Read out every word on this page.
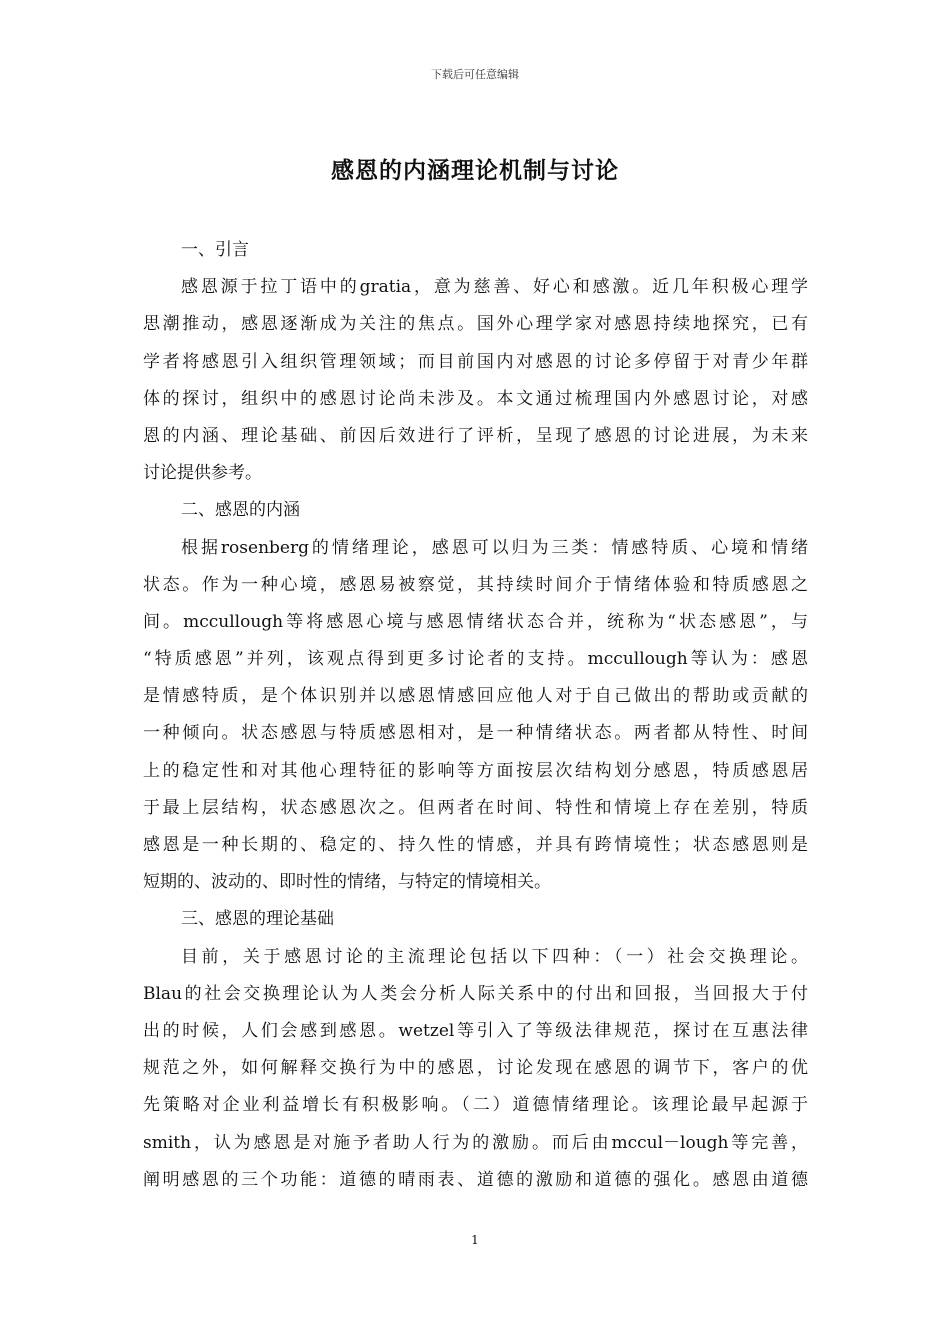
下载后可任意编辑
感恩的内涵理论机制与讨论
一、引言
感恩源于拉丁语中的gratia，意为慈善、好心和感激。近几年积极心理学
思潮推动，感恩逐渐成为关注的焦点。国外心理学家对感恩持续地探究，已有
学者将感恩引入组织管理领域；而目前国内对感恩的讨论多停留于对青少年群
体的探讨，组织中的感恩讨论尚未涉及。本文通过梳理国内外感恩讨论，对感
恩的内涵、理论基础、前因后效进行了评析，呈现了感恩的讨论进展，为未来
讨论提供参考。
二、感恩的内涵
根据rosenberg的情绪理论，感恩可以归为三类：情感特质、心境和情绪
状态。作为一种心境，感恩易被察觉，其持续时间介于情绪体验和特质感恩之
间。mccullough等将感恩心境与感恩情绪状态合并，统称为“状态感恩”，与
“特质感恩”并列，该观点得到更多讨论者的支持。mccullough等认为：感恩
是情感特质，是个体识别并以感恩情感回应他人对于自己做出的帮助或贡献的
一种倾向。状态感恩与特质感恩相对，是一种情绪状态。两者都从特性、时间
上的稳定性和对其他心理特征的影响等方面按层次结构划分感恩，特质感恩居
于最上层结构，状态感恩次之。但两者在时间、特性和情境上存在差别，特质
感恩是一种长期的、稳定的、持久性的情感，并具有跨情境性；状态感恩则是
短期的、波动的、即时性的情绪，与特定的情境相关。
三、感恩的理论基础
目前，关于感恩讨论的主流理论包括以下四种：（一）社会交换理论。
Blau的社会交换理论认为人类会分析人际关系中的付出和回报，当回报大于付
出的时候，人们会感到感恩。wetzel等引入了等级法律规范，探讨在互惠法律
规范之外，如何解释交换行为中的感恩，讨论发现在感恩的调节下，客户的优
先策略对企业利益增长有积极影响。（二）道德情绪理论。该理论最早起源于
smith，认为感恩是对施予者助人行为的激励。而后由mccul－lough等完善，
阐明感恩的三个功能：道德的晴雨表、道德的激励和道德的强化。感恩由道德
1
